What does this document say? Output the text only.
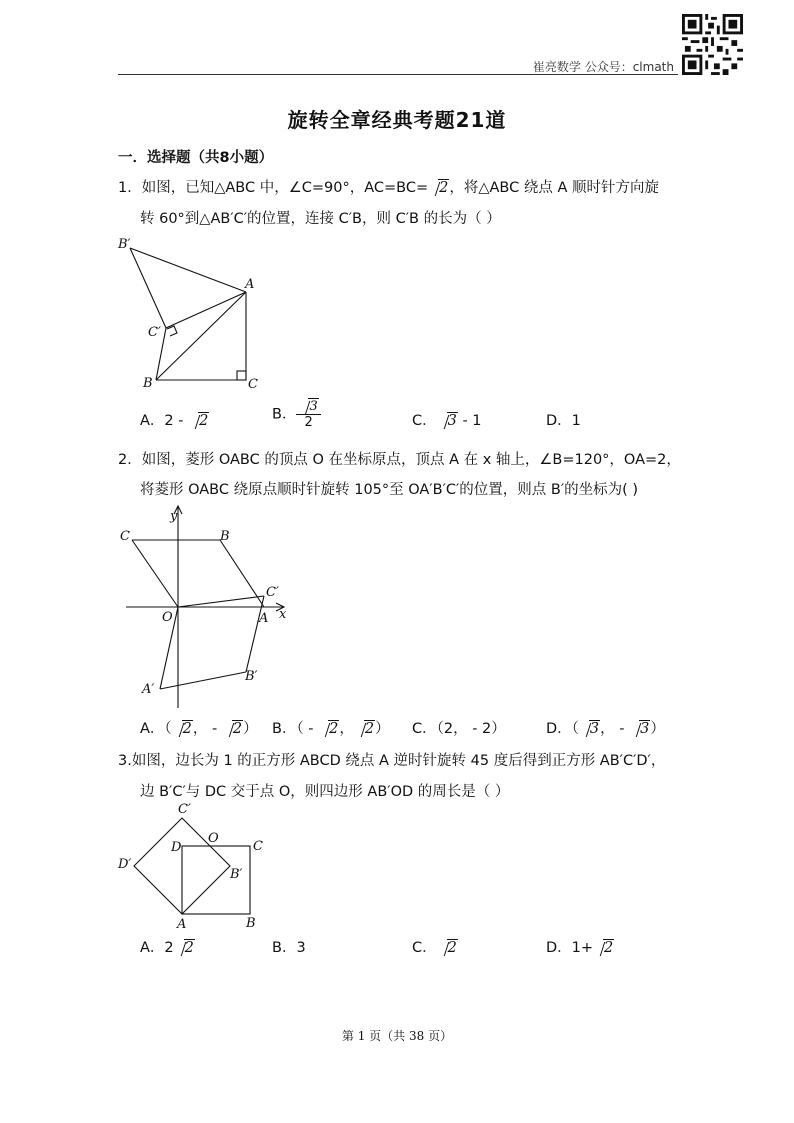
崔亮数学 公众号：clmath
旋转全章经典考题21道
一．选择题（共8小题）
1．如图，已知△ABC 中，∠C=90°，AC=BC= 2，将△ABC 绕点 A 顺时针方向旋
转 60°到△AB′C′的位置，连接 C′B，则 C′B 的长为（ ）
B′
A
C′
B	C
A．2 - 2	B． $\frac{3}{2}$	C． 3 - 1	D．1
2．如图，菱形 OABC 的顶点 O 在坐标原点，顶点 A 在 x 轴上，∠B=120°，OA=2，
将菱形 OABC 绕原点顺时针旋转 105°至 OA′B′C′的位置，则点 B′的坐标为( )
y
x
C	B
C′
O	A
A′
B′
A．（ 2， - 2） B．（ - 2， 2） C．（2， - 2）	D．（ 3， - 3）
3.如图，边长为 1 的正方形 ABCD 绕点 A 逆时针旋转 45 度后得到正方形 AB′C′D′，
边 B′C′与 DC 交于点 O，则四边形 AB′OD 的周长是（ ）
C′
D
O
C
D′
B′
A	B
A．2 2	B．3	C． 2	D．1+ 2
第 1 页（共 38 页）
